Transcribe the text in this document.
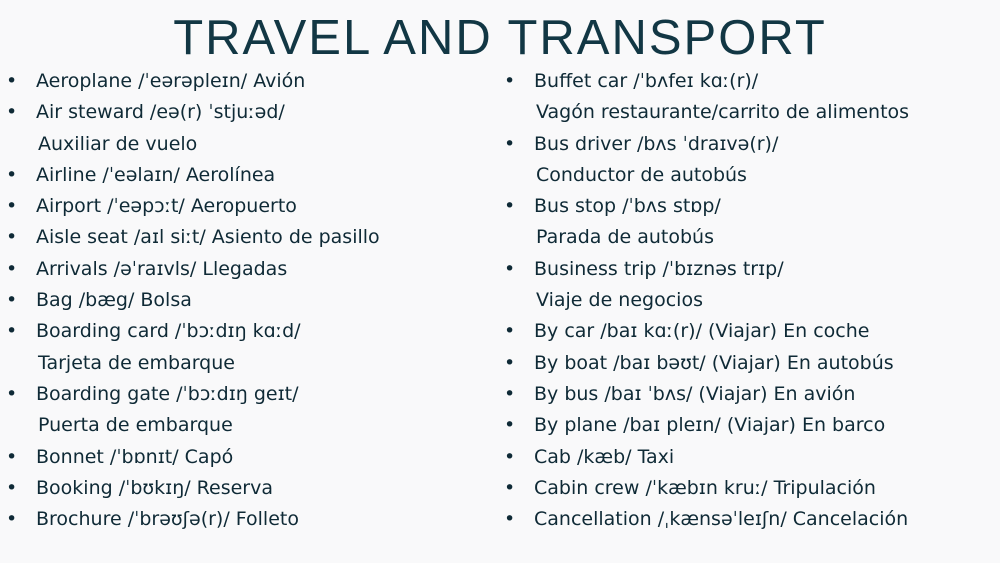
TRAVEL AND TRANSPORT
• Aeroplane /ˈeərəpleɪn/ Avión
• Air steward /eə(r) ˈstjuːəd/
Auxiliar de vuelo
• Airline /ˈeəlaɪn/ Aerolínea
• Airport /ˈeəpɔːt/ Aeropuerto
• Aisle seat /aɪl siːt/ Asiento de pasillo
• Arrivals /əˈraɪvls/ Llegadas
• Bag /bæg/ Bolsa
• Boarding card /ˈbɔːdɪŋ kɑːd/
Tarjeta de embarque
• Boarding gate /ˈbɔːdɪŋ geɪt/
Puerta de embarque
• Bonnet /ˈbɒnɪt/ Capó
• Booking /ˈbʊkɪŋ/ Reserva
• Brochure /ˈbrəʊʃə(r)/ Folleto
• Buffet car /ˈbʌfeɪ kɑː(r)/
Vagón restaurante/carrito de alimentos
• Bus driver /bʌs ˈdraɪvə(r)/
Conductor de autobús
• Bus stop /ˈbʌs stɒp/
Parada de autobús
• Business trip /ˈbɪznəs trɪp/
Viaje de negocios
• By car /baɪ kɑː(r)/ (Viajar) En coche
• By boat /baɪ bəʊt/ (Viajar) En autobús
• By bus /baɪ ˈbʌs/ (Viajar) En avión
• By plane /baɪ pleɪn/ (Viajar) En barco
• Cab /kæb/ Taxi
• Cabin crew /ˈkæbɪn kruː/ Tripulación
• Cancellation /ˌkænsəˈleɪʃn/ Cancelación
